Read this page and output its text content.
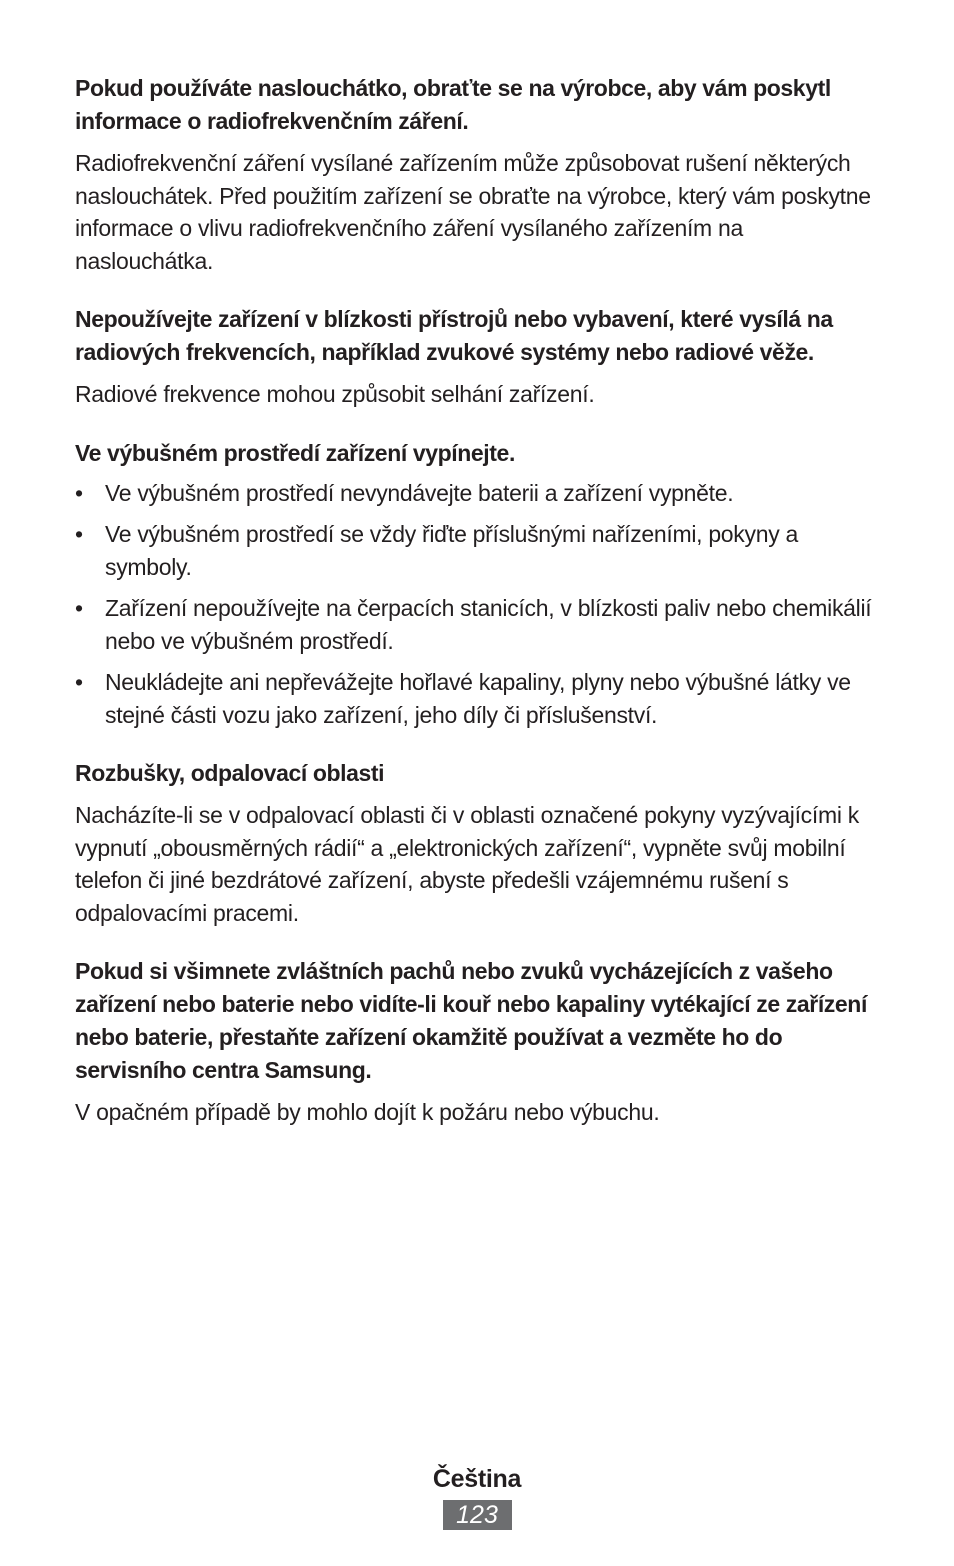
Pokud používáte naslouchátko, obraťte se na výrobce, aby vám poskytl informace o radiofrekvenčním záření.

Radiofrekvenční záření vysílané zařízením může způsobovat rušení některých naslouchátek. Před použitím zařízení se obraťte na výrobce, který vám poskytne informace o vlivu radiofrekvenčního záření vysílaného zařízením na naslouchátka.

Nepoužívejte zařízení v blízkosti přístrojů nebo vybavení, které vysílá na radiových frekvencích, například zvukové systémy nebo radiové věže.

Radiové frekvence mohou způsobit selhání zařízení.

Ve výbušném prostředí zařízení vypínejte.

• Ve výbušném prostředí nevyndávejte baterii a zařízení vypněte.
• Ve výbušném prostředí se vždy řiďte příslušnými nařízeními, pokyny a symboly.
• Zařízení nepoužívejte na čerpacích stanicích, v blízkosti paliv nebo chemikálií nebo ve výbušném prostředí.
• Neukládejte ani nepřevážejte hořlavé kapaliny, plyny nebo výbušné látky ve stejné části vozu jako zařízení, jeho díly či příslušenství.

Rozbušky, odpalovací oblasti

Nacházíte-li se v odpalovací oblasti či v oblasti označené pokyny vyzývajícími k vypnutí „obousměrných rádií“ a „elektronických zařízení“, vypněte svůj mobilní telefon či jiné bezdrátové zařízení, abyste předešli vzájemnému rušení s odpalovacími pracemi.

Pokud si všimnete zvláštních pachů nebo zvuků vycházejících z vašeho zařízení nebo baterie nebo vidíte-li kouř nebo kapaliny vytékající ze zařízení nebo baterie, přestaňte zařízení okamžitě používat a vezměte ho do servisního centra Samsung.

V opačném případě by mohlo dojít k požáru nebo výbuchu.

Čeština
123
